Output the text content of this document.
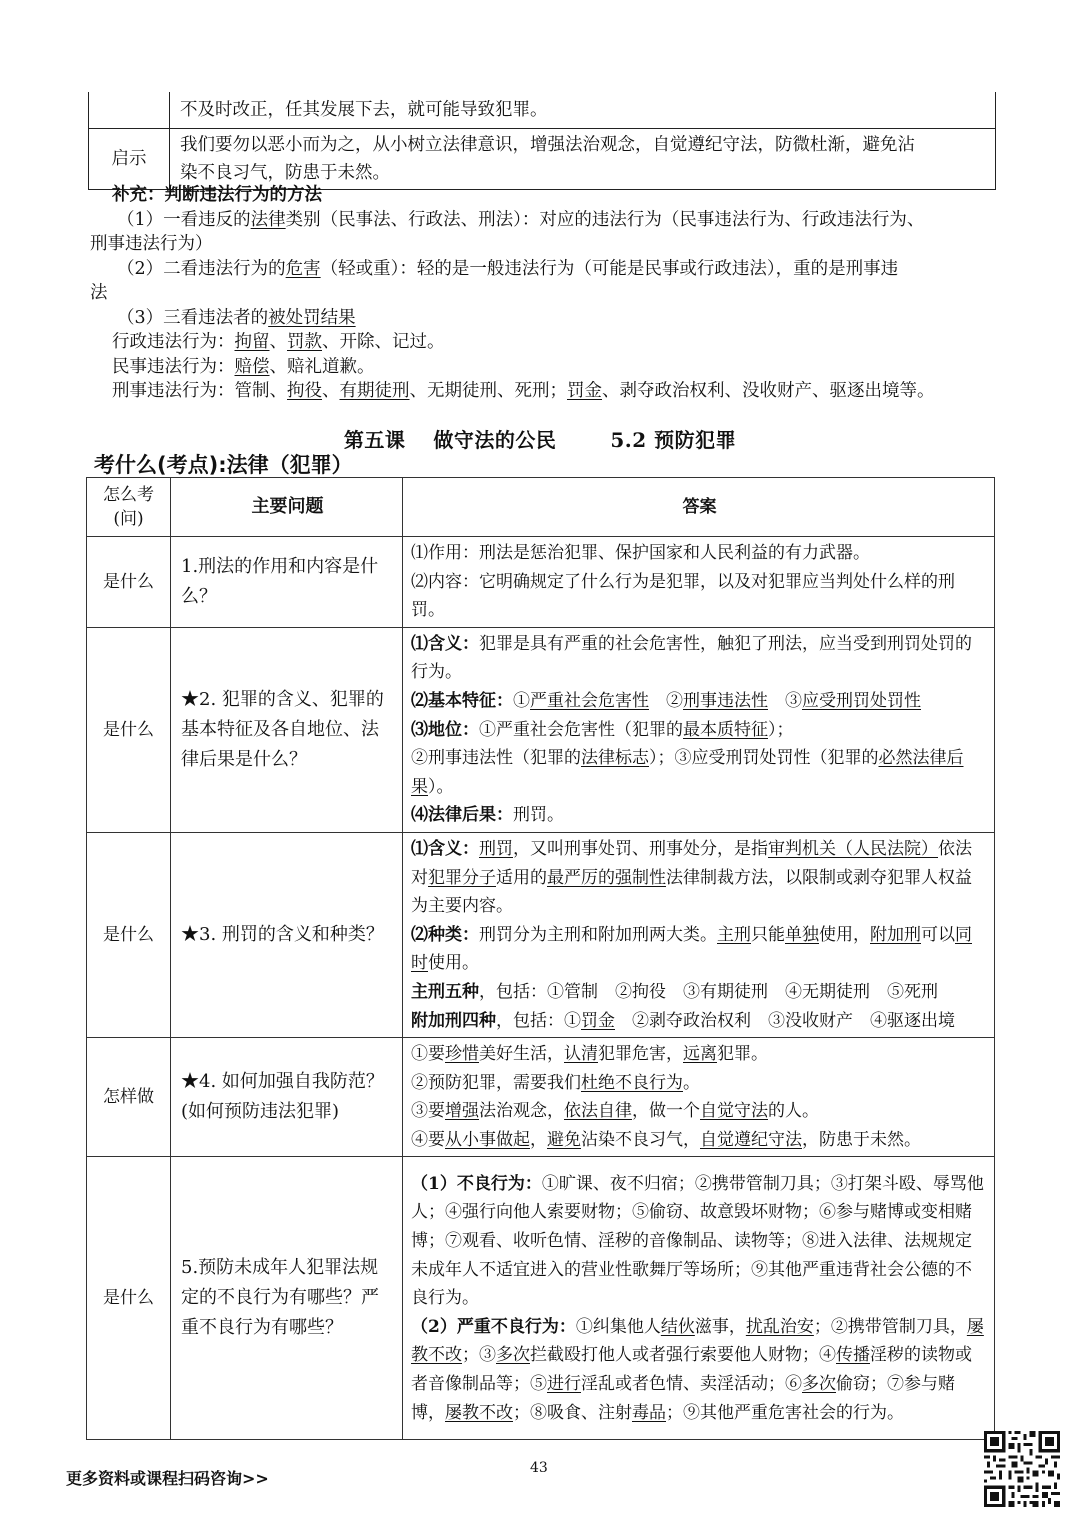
	不及时改正，任其发展下去，就可能导致犯罪。
启示	我们要勿以恶小而为之，从小树立法律意识，增强法治观念，自觉遵纪守法，防微杜渐，避免沾
染不良习气，防患于未然。

补充：判断违法行为的方法

（1）一看违反的法律类别（民事法、行政法、刑法）：对应的违法行为（民事违法行为、行政违法行为、

刑事违法行为）

（2）二看违法行为的危害（轻或重）：轻的是一般违法行为（可能是民事或行政违法），重的是刑事违

法

（3）三看违法者的被处罚结果

行政违法行为：拘留、罚款、开除、记过。

民事违法行为：赔偿、赔礼道歉。

刑事违法行为：管制、拘役、有期徒刑、无期徒刑、死刑；罚金、剥夺政治权利、没收财产、驱逐出境等。

第五课 做守法的公民	5.2 预防犯罪
考什么(考点):法律（犯罪）
怎么考
(问)	主要问题	答案
是什么	1.刑法的作用和内容是什么？	⑴作用：刑法是惩治犯罪、保护国家和人民利益的有力武器。
⑵内容：它明确规定了什么行为是犯罪，以及对犯罪应当判处什么样的刑罚。

是什么	★2. 犯罪的含义、犯罪的基本特征及各自地位、法律后果是什么？	⑴含义：犯罪是具有严重的社会危害性，触犯了刑法，应当受到刑罚处罚的行为。
⑵基本特征：①严重社会危害性　②刑事违法性　③应受刑罚处罚性
⑶地位：①严重社会危害性（犯罪的最本质特征）；
②刑事违法性（犯罪的法律标志）；③应受刑罚处罚性（犯罪的必然法律后果）。
⑷法律后果：刑罚。

是什么	★3. 刑罚的含义和种类？	⑴含义：刑罚，又叫刑事处罚、刑事处分，是指审判机关（人民法院）依法对犯罪分子适用的最严厉的强制性法律制裁方法，以限制或剥夺犯罪人权益为主要内容。
⑵种类：刑罚分为主刑和附加刑两大类。主刑只能单独使用，附加刑可以同时使用。
主刑五种，包括：①管制　②拘役　③有期徒刑　④无期徒刑　⑤死刑
附加刑四种，包括：①罚金　②剥夺政治权利　③没收财产　④驱逐出境

怎样做	★4. 如何加强自我防范？(如何预防违法犯罪)	①要珍惜美好生活，认清犯罪危害，远离犯罪。
②预防犯罪，需要我们杜绝不良行为。
③要增强法治观念，依法自律，做一个自觉守法的人。
④要从小事做起，避免沾染不良习气，自觉遵纪守法，防患于未然。

是什么	5.预防未成年人犯罪法规定的不良行为有哪些？严重不良行为有哪些？	（1）不良行为：①旷课、夜不归宿；②携带管制刀具；③打架斗殴、辱骂他人；④强行向他人索要财物；⑤偷窃、故意毁坏财物；⑥参与赌博或变相赌博；⑦观看、收听色情、淫秽的音像制品、读物等；⑧进入法律、法规规定未成年人不适宜进入的营业性歌舞厅等场所；⑨其他严重违背社会公德的不良行为。
（2）严重不良行为：①纠集他人结伙滋事，扰乱治安；②携带管制刀具，屡教不改；③多次拦截殴打他人或者强行索要他人财物；④传播淫秽的读物或者音像制品等；⑤进行淫乱或者色情、卖淫活动；⑥多次偷窃；⑦参与赌博，屡教不改；⑧吸食、注射毒品；⑨其他严重危害社会的行为。
更多资料或课程扫码咨询>>
43
